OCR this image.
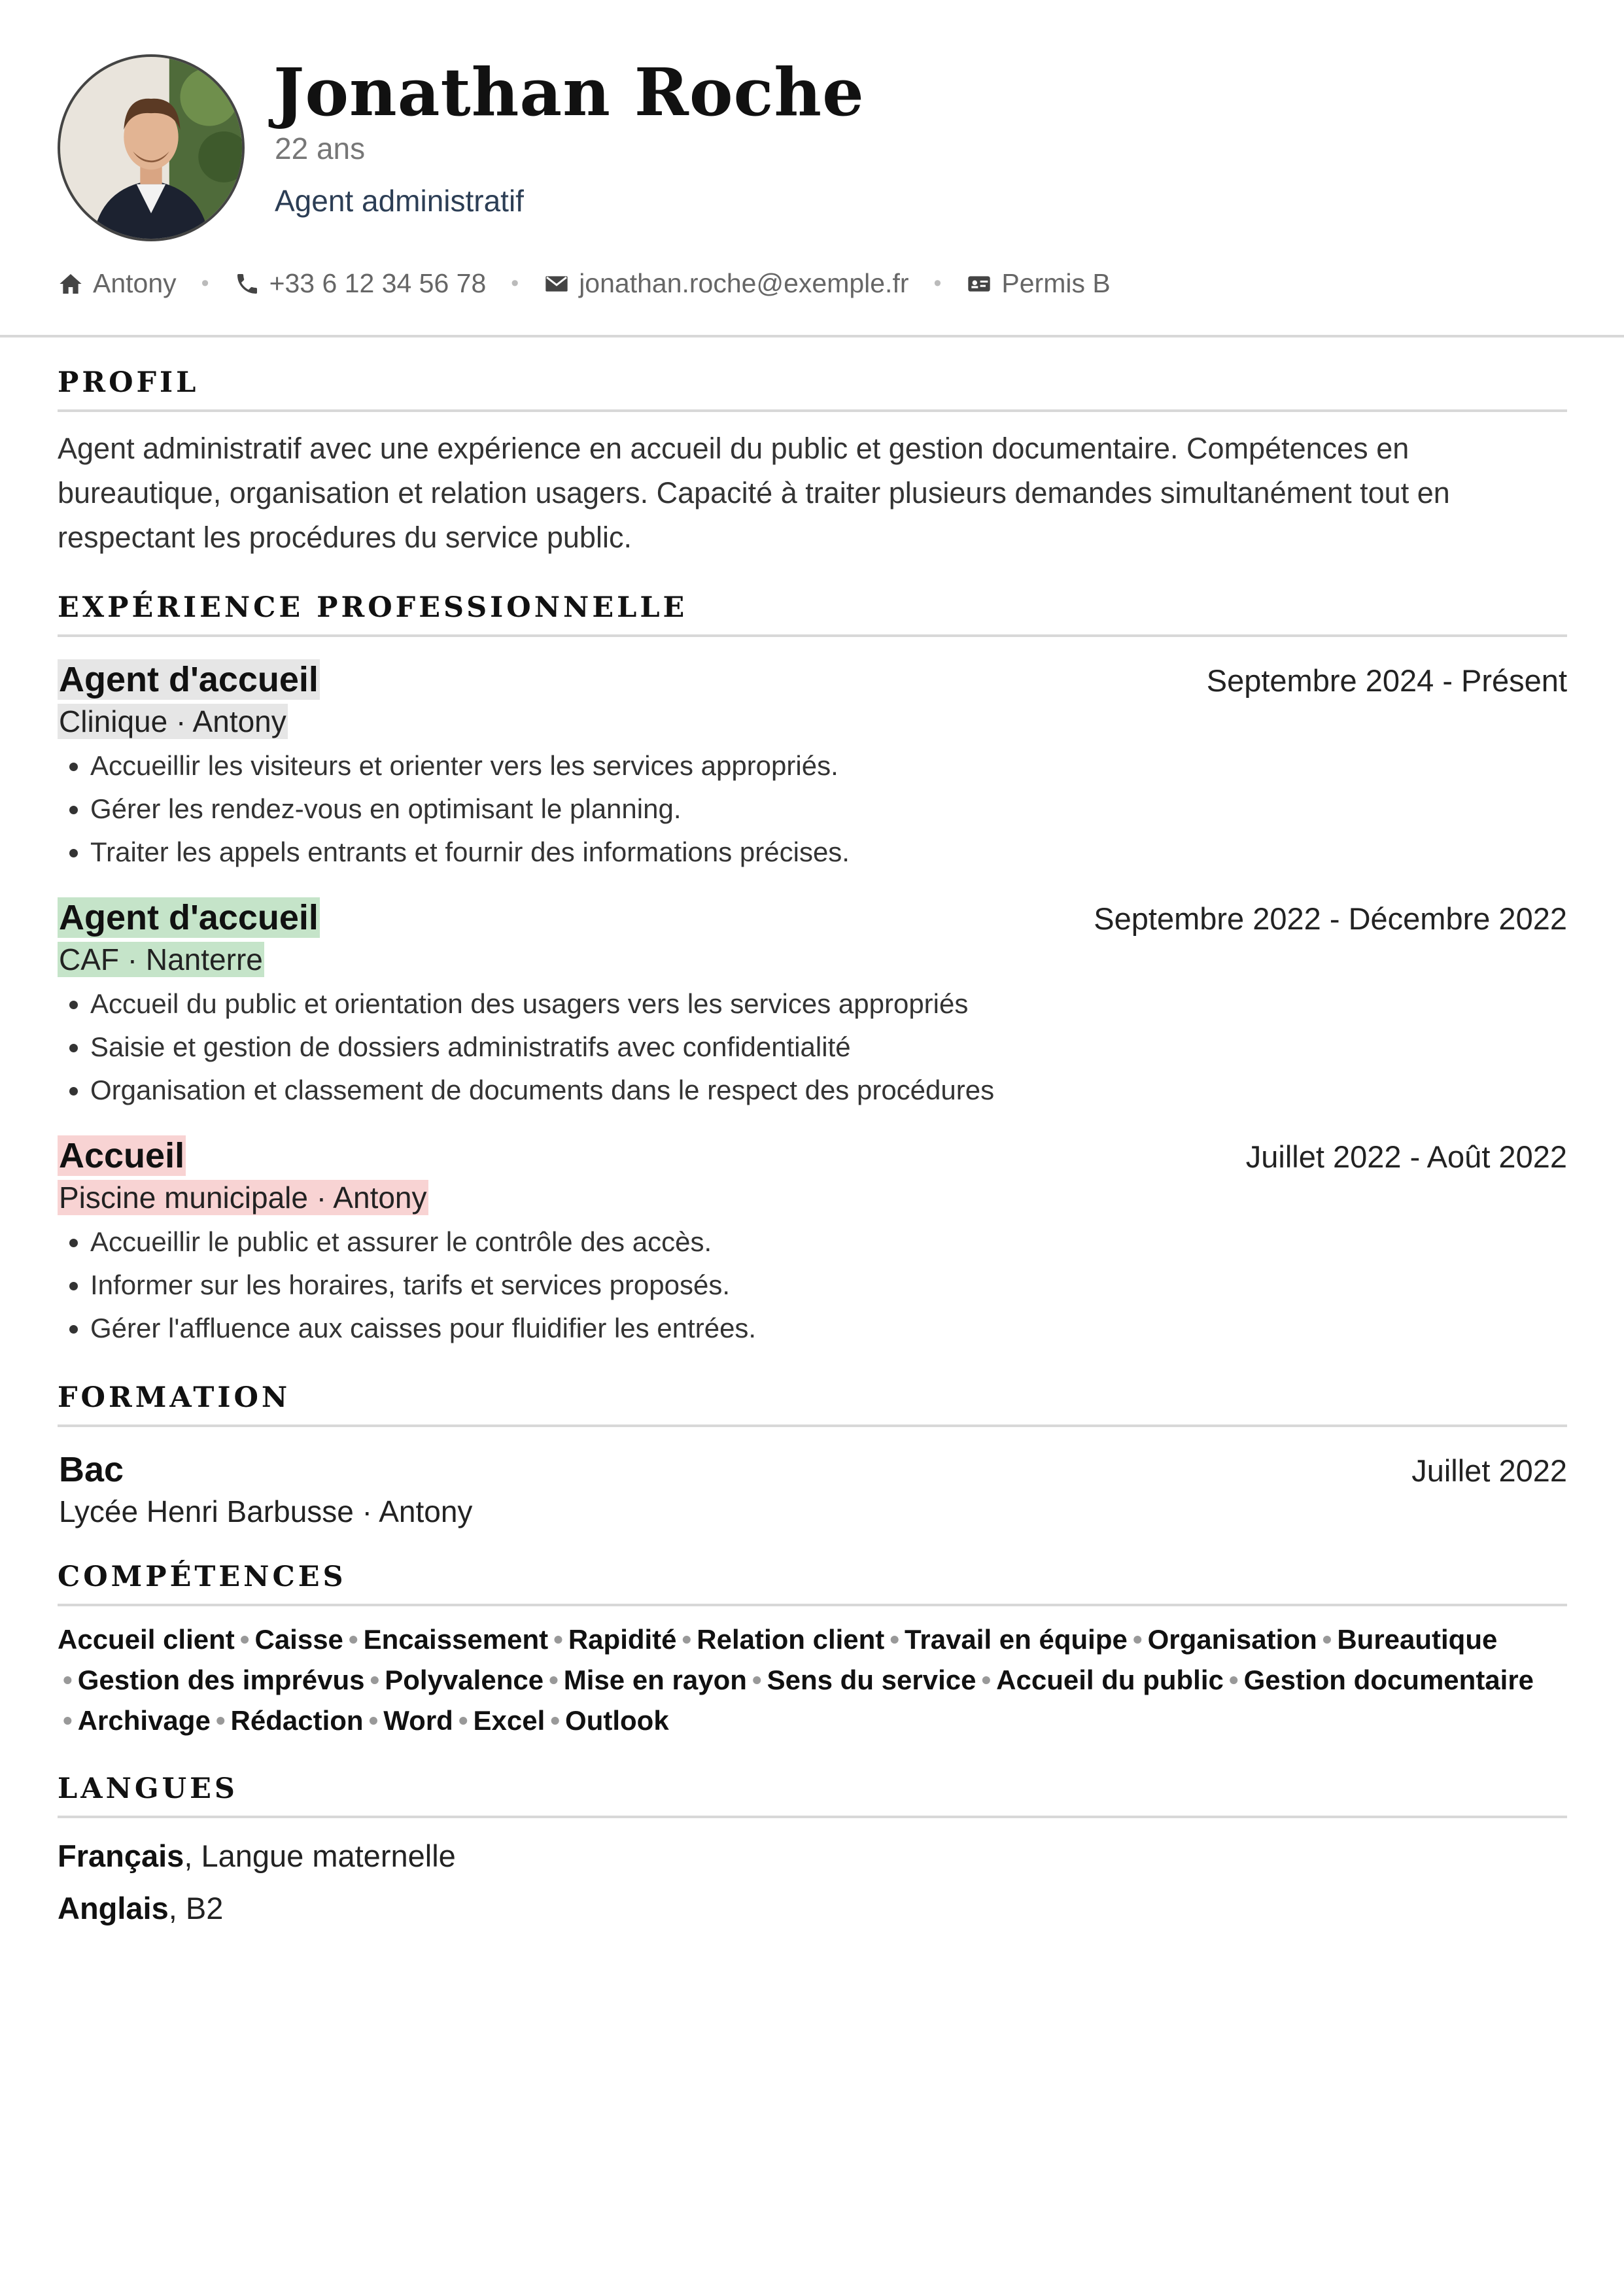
Jonathan Roche
22 ans
Agent administratif
Antony • +33 6 12 34 56 78 • jonathan.roche@exemple.fr • Permis B
PROFIL

Agent administratif avec une expérience en accueil du public et gestion documentaire. Compétences en bureautique, organisation et relation usagers. Capacité à traiter plusieurs demandes simultanément tout en respectant les procédures du service public.

EXPÉRIENCE PROFESSIONNELLE
Agent d'accueil	Septembre 2024 - Présent
Clinique · Antony
• Accueillir les visiteurs et orienter vers les services appropriés.
• Gérer les rendez-vous en optimisant le planning.
• Traiter les appels entrants et fournir des informations précises.
Agent d'accueil	Septembre 2022 - Décembre 2022
CAF · Nanterre
• Accueil du public et orientation des usagers vers les services appropriés
• Saisie et gestion de dossiers administratifs avec confidentialité
• Organisation et classement de documents dans le respect des procédures
Accueil	Juillet 2022 - Août 2022
Piscine municipale · Antony
• Accueillir le public et assurer le contrôle des accès.
• Informer sur les horaires, tarifs et services proposés.
• Gérer l'affluence aux caisses pour fluidifier les entrées.
FORMATION
Bac	Juillet 2022
Lycée Henri Barbusse · Antony
COMPÉTENCES
Accueil client • Caisse • Encaissement • Rapidité • Relation client • Travail en équipe • Organisation • Bureautique
• Gestion des imprévus • Polyvalence • Mise en rayon • Sens du service • Accueil du public • Gestion documentaire
• Archivage • Rédaction • Word • Excel • Outlook
LANGUES
Français, Langue maternelle
Anglais, B2
